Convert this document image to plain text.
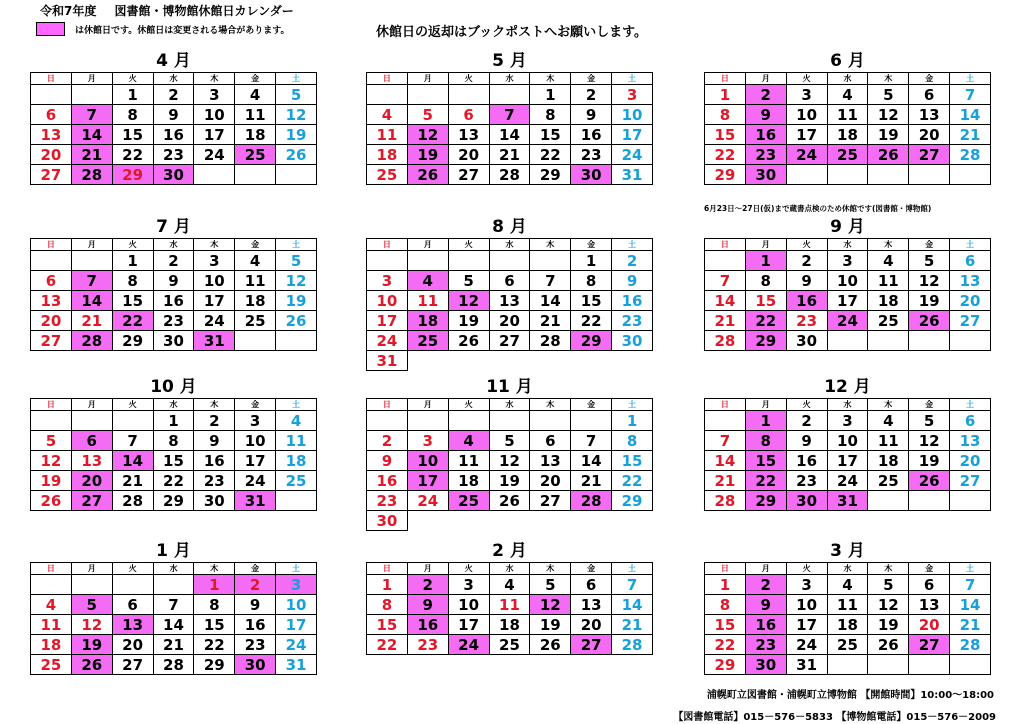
令和7年度 図書館・博物館休館日カレンダー
は休館日です。休館日は変更される場合があります。	休館日の返却はブックポストへお願いします。
6月23日～27日(仮)まで蔵書点検のため休館です(図書館・博物館)
4 月
日	月	火	水	木	金	土
		1	2	3	4	5
6	7	8	9	10	11	12
13	14	15	16	17	18	19
20	21	22	23	24	25	26
27	28	29	30			
5 月
日	月	火	水	木	金	土
				1	2	3
4	5	6	7	8	9	10
11	12	13	14	15	16	17
18	19	20	21	22	23	24
25	26	27	28	29	30	31
6 月
日	月	火	水	木	金	土
1	2	3	4	5	6	7
8	9	10	11	12	13	14
15	16	17	18	19	20	21
22	23	24	25	26	27	28
29	30					
7 月
日	月	火	水	木	金	土
		1	2	3	4	5
6	7	8	9	10	11	12
13	14	15	16	17	18	19
20	21	22	23	24	25	26
27	28	29	30	31		
8 月
日	月	火	水	木	金	土
					1	2
3	4	5	6	7	8	9
10	11	12	13	14	15	16
17	18	19	20	21	22	23
24	25	26	27	28	29	30
31						
9 月
日	月	火	水	木	金	土
	1	2	3	4	5	6
7	8	9	10	11	12	13
14	15	16	17	18	19	20
21	22	23	24	25	26	27
28	29	30				
10 月
日	月	火	水	木	金	土
			1	2	3	4
5	6	7	8	9	10	11
12	13	14	15	16	17	18
19	20	21	22	23	24	25
26	27	28	29	30	31	
11 月
日	月	火	水	木	金	土
						1
2	3	4	5	6	7	8
9	10	11	12	13	14	15
16	17	18	19	20	21	22
23	24	25	26	27	28	29
30						
12 月
日	月	火	水	木	金	土
	1	2	3	4	5	6
7	8	9	10	11	12	13
14	15	16	17	18	19	20
21	22	23	24	25	26	27
28	29	30	31			
1 月
日	月	火	水	木	金	土
				1	2	3
4	5	6	7	8	9	10
11	12	13	14	15	16	17
18	19	20	21	22	23	24
25	26	27	28	29	30	31
2 月
日	月	火	水	木	金	土
1	2	3	4	5	6	7
8	9	10	11	12	13	14
15	16	17	18	19	20	21
22	23	24	25	26	27	28
3 月
日	月	火	水	木	金	土
1	2	3	4	5	6	7
8	9	10	11	12	13	14
15	16	17	18	19	20	21
22	23	24	25	26	27	28
29	30	31				
浦幌町立図書館・浦幌町立博物館 【開館時間】10:00～18:00
【図書館電話】015－576－5833 【博物館電話】015－576－2009
